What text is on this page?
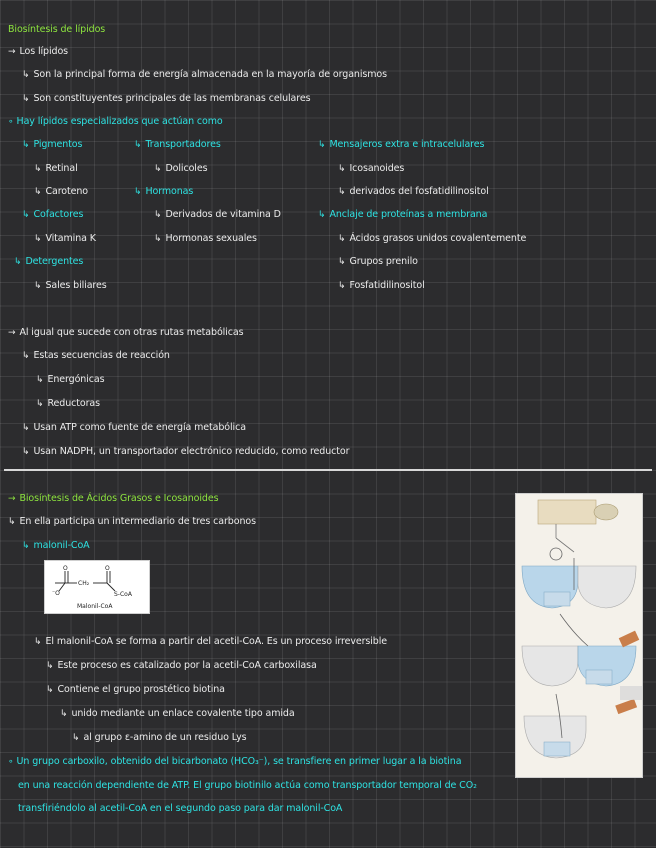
Biosíntesis de lípidos
→ Los lípidos
↳ Son la principal forma de energía almacenada en la mayoría de organismos
↳ Son constituyentes principales de las membranas celulares
∘ Hay lípidos especializados que actúan como
↳ Pigmentos
↳ Retinal
↳ Caroteno
↳ Cofactores
↳ Vitamina K
↳ Detergentes
↳ Sales biliares
↳ Transportadores
↳ Dolicoles
↳ Hormonas
↳ Derivados de vitamina D
↳ Hormonas sexuales
↳ Mensajeros extra e intracelulares
↳ Icosanoides
↳ derivados del fosfatidilinositol
↳ Anclaje de proteínas a membrana
↳ Ácidos grasos unidos covalentemente
↳ Grupos prenilo
↳ Fosfatidilinositol
→ Al igual que sucede con otras rutas metabólicas
↳ Estas secuencias de reacción
↳ Energónicas
↳ Reductoras
↳ Usan ATP como fuente de energía metabólica
↳ Usan NADPH, un transportador electrónico reducido, como reductor
→ Biosíntesis de Ácidos Grasos e Icosanoides
↳ En ella participa un intermediario de tres carbonos
↳ malonil-CoA
O	O
⁻O
CH₂
S-CoA
Malonil-CoA
↳ El malonil-CoA se forma a partir del acetil-CoA. Es un proceso irreversible
↳ Este proceso es catalizado por la acetil-CoA carboxilasa
↳ Contiene el grupo prostético biotina
↳ unido mediante un enlace covalente tipo amida
↳ al grupo ε-amino de un residuo Lys
∘ Un grupo carboxilo, obtenido del bicarbonato (HCO₃⁻), se transfiere en primer lugar a la biotina
en una reacción dependiente de ATP. El grupo biotinilo actúa como transportador temporal de CO₂
transfiriéndolo al acetil-CoA en el segundo paso para dar malonil-CoA
